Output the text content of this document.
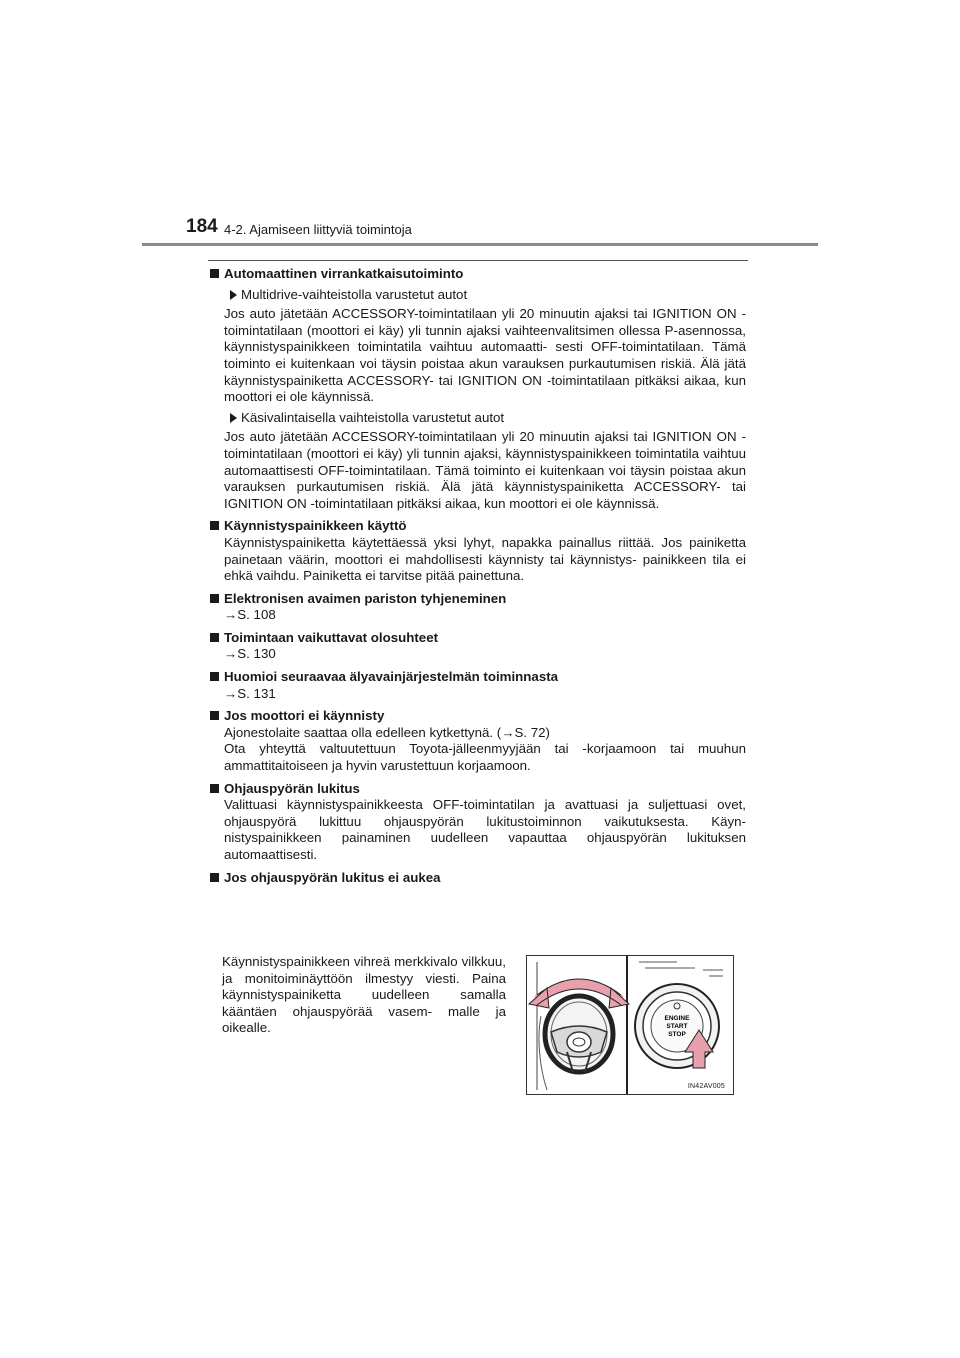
184 4-2. Ajamiseen liittyviä toimintoja
Automaattinen virrankatkaisutoiminto
Multidrive-vaihteistolla varustetut autot
Jos auto jätetään ACCESSORY-toimintatilaan yli 20 minuutin ajaksi tai IGNITION ON -toimintatilaan (moottori ei käy) yli tunnin ajaksi vaihteenvalitsimen ollessa P-asennossa, käynnistyspainikkeen toimintatila vaihtuu automaatti- sesti OFF-toimintatilaan. Tämä toiminto ei kuitenkaan voi täysin poistaa akun varauksen purkautumisen riskiä. Älä jätä käynnistyspainiketta ACCESSORY- tai IGNITION ON -toimintatilaan pitkäksi aikaa, kun moottori ei ole käynnissä.
Käsivalintaisella vaihteistolla varustetut autot
Jos auto jätetään ACCESSORY-toimintatilaan yli 20 minuutin ajaksi tai IGNITION ON -toimintatilaan (moottori ei käy) yli tunnin ajaksi, käynnistyspainikkeen toimintatila vaihtuu automaattisesti OFF-toimintatilaan. Tämä toiminto ei kuitenkaan voi täysin poistaa akun varauksen purkautumisen riskiä. Älä jätä käynnistyspainiketta ACCESSORY- tai IGNITION ON -toimintatilaan pitkäksi aikaa, kun moottori ei ole käynnissä.
Käynnistyspainikkeen käyttö
Käynnistyspainiketta käytettäessä yksi lyhyt, napakka painallus riittää. Jos painiketta painetaan väärin, moottori ei mahdollisesti käynnisty tai käynnistys- painikkeen tila ei ehkä vaihdu. Painiketta ei tarvitse pitää painettuna.
Elektronisen avaimen pariston tyhjeneminen
→S. 108
Toimintaan vaikuttavat olosuhteet
→S. 130
Huomioi seuraavaa älyavainjärjestelmän toiminnasta
→S. 131
Jos moottori ei käynnisty
Ajonestolaite saattaa olla edelleen kytkettynä. (→S. 72)
Ota yhteyttä valtuutettuun Toyota-jälleenmyyjään tai -korjaamoon tai muuhun ammattitaitoiseen ja hyvin varustettuun korjaamoon.
Ohjauspyörän lukitus
Valittuasi käynnistyspainikkeesta OFF-toimintatilan ja avattuasi ja suljettuasi ovet, ohjauspyörä lukittuu ohjauspyörän lukitustoiminnon vaikutuksesta. Käyn- nistyspainikkeen painaminen uudelleen vapauttaa ohjauspyörän lukituksen automaattisesti.
Jos ohjauspyörän lukitus ei aukea
Käynnistyspainikkeen vihreä merkkivalo vilkkuu, ja monitoiminäyttöön ilmestyy viesti. Paina käynnistyspainiketta uudelleen samalla kääntäen ohjauspyörää vasem- malle ja oikealle.
ENGINE
START
STOP
IN42AV005
